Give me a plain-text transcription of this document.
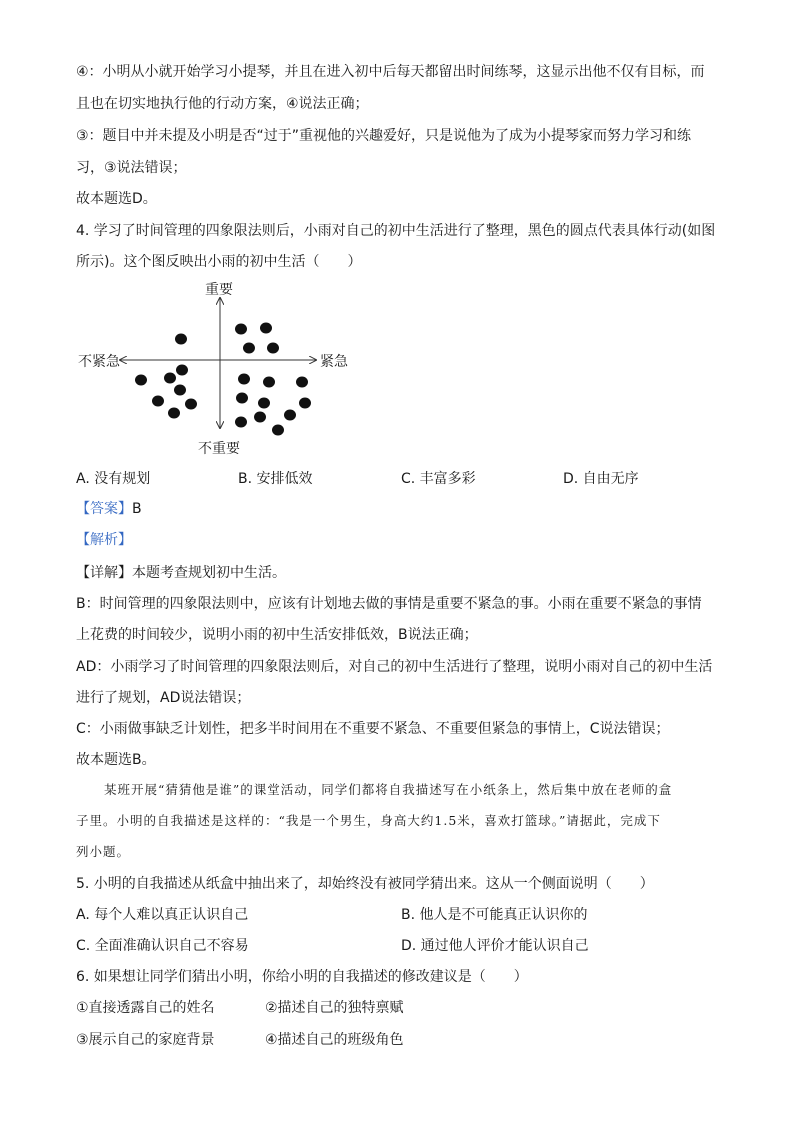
④：小明从小就开始学习小提琴，并且在进入初中后每天都留出时间练琴，这显示出他不仅有目标，而
且也在切实地执行他的行动方案，④说法正确；
③：题目中并未提及小明是否“过于”重视他的兴趣爱好，只是说他为了成为小提琴家而努力学习和练
习，③说法错误；
故本题选D。
4. 学习了时间管理的四象限法则后，小雨对自己的初中生活进行了整理，黑色的圆点代表具体行动(如图
所示)。这个图反映出小雨的初中生活（　　）
重要
不重要
不紧急	紧急
A. 没有规划	B. 安排低效	C. 丰富多彩	D. 自由无序
【答案】B
【解析】
【详解】本题考查规划初中生活。
B：时间管理的四象限法则中，应该有计划地去做的事情是重要不紧急的事。小雨在重要不紧急的事情
上花费的时间较少，说明小雨的初中生活安排低效，B说法正确；
AD：小雨学习了时间管理的四象限法则后，对自己的初中生活进行了整理，说明小雨对自己的初中生活
进行了规划，AD说法错误；
C：小雨做事缺乏计划性，把多半时间用在不重要不紧急、不重要但紧急的事情上，C说法错误；
故本题选B。
某班开展“猜猜他是谁”的课堂活动，同学们都将自我描述写在小纸条上，然后集中放在老师的盒
子里。小明的自我描述是这样的：“我是一个男生，身高大约1.5米，喜欢打篮球。”请据此，完成下
列小题。
5. 小明的自我描述从纸盒中抽出来了，却始终没有被同学猜出来。这从一个侧面说明（　　）
A. 每个人难以真正认识自己	B. 他人是不可能真正认识你的
C. 全面准确认识自己不容易	D. 通过他人评价才能认识自己
6. 如果想让同学们猜出小明，你给小明的自我描述的修改建议是（　　）
①直接透露自己的姓名	②描述自己的独特禀赋
③展示自己的家庭背景	④描述自己的班级角色
